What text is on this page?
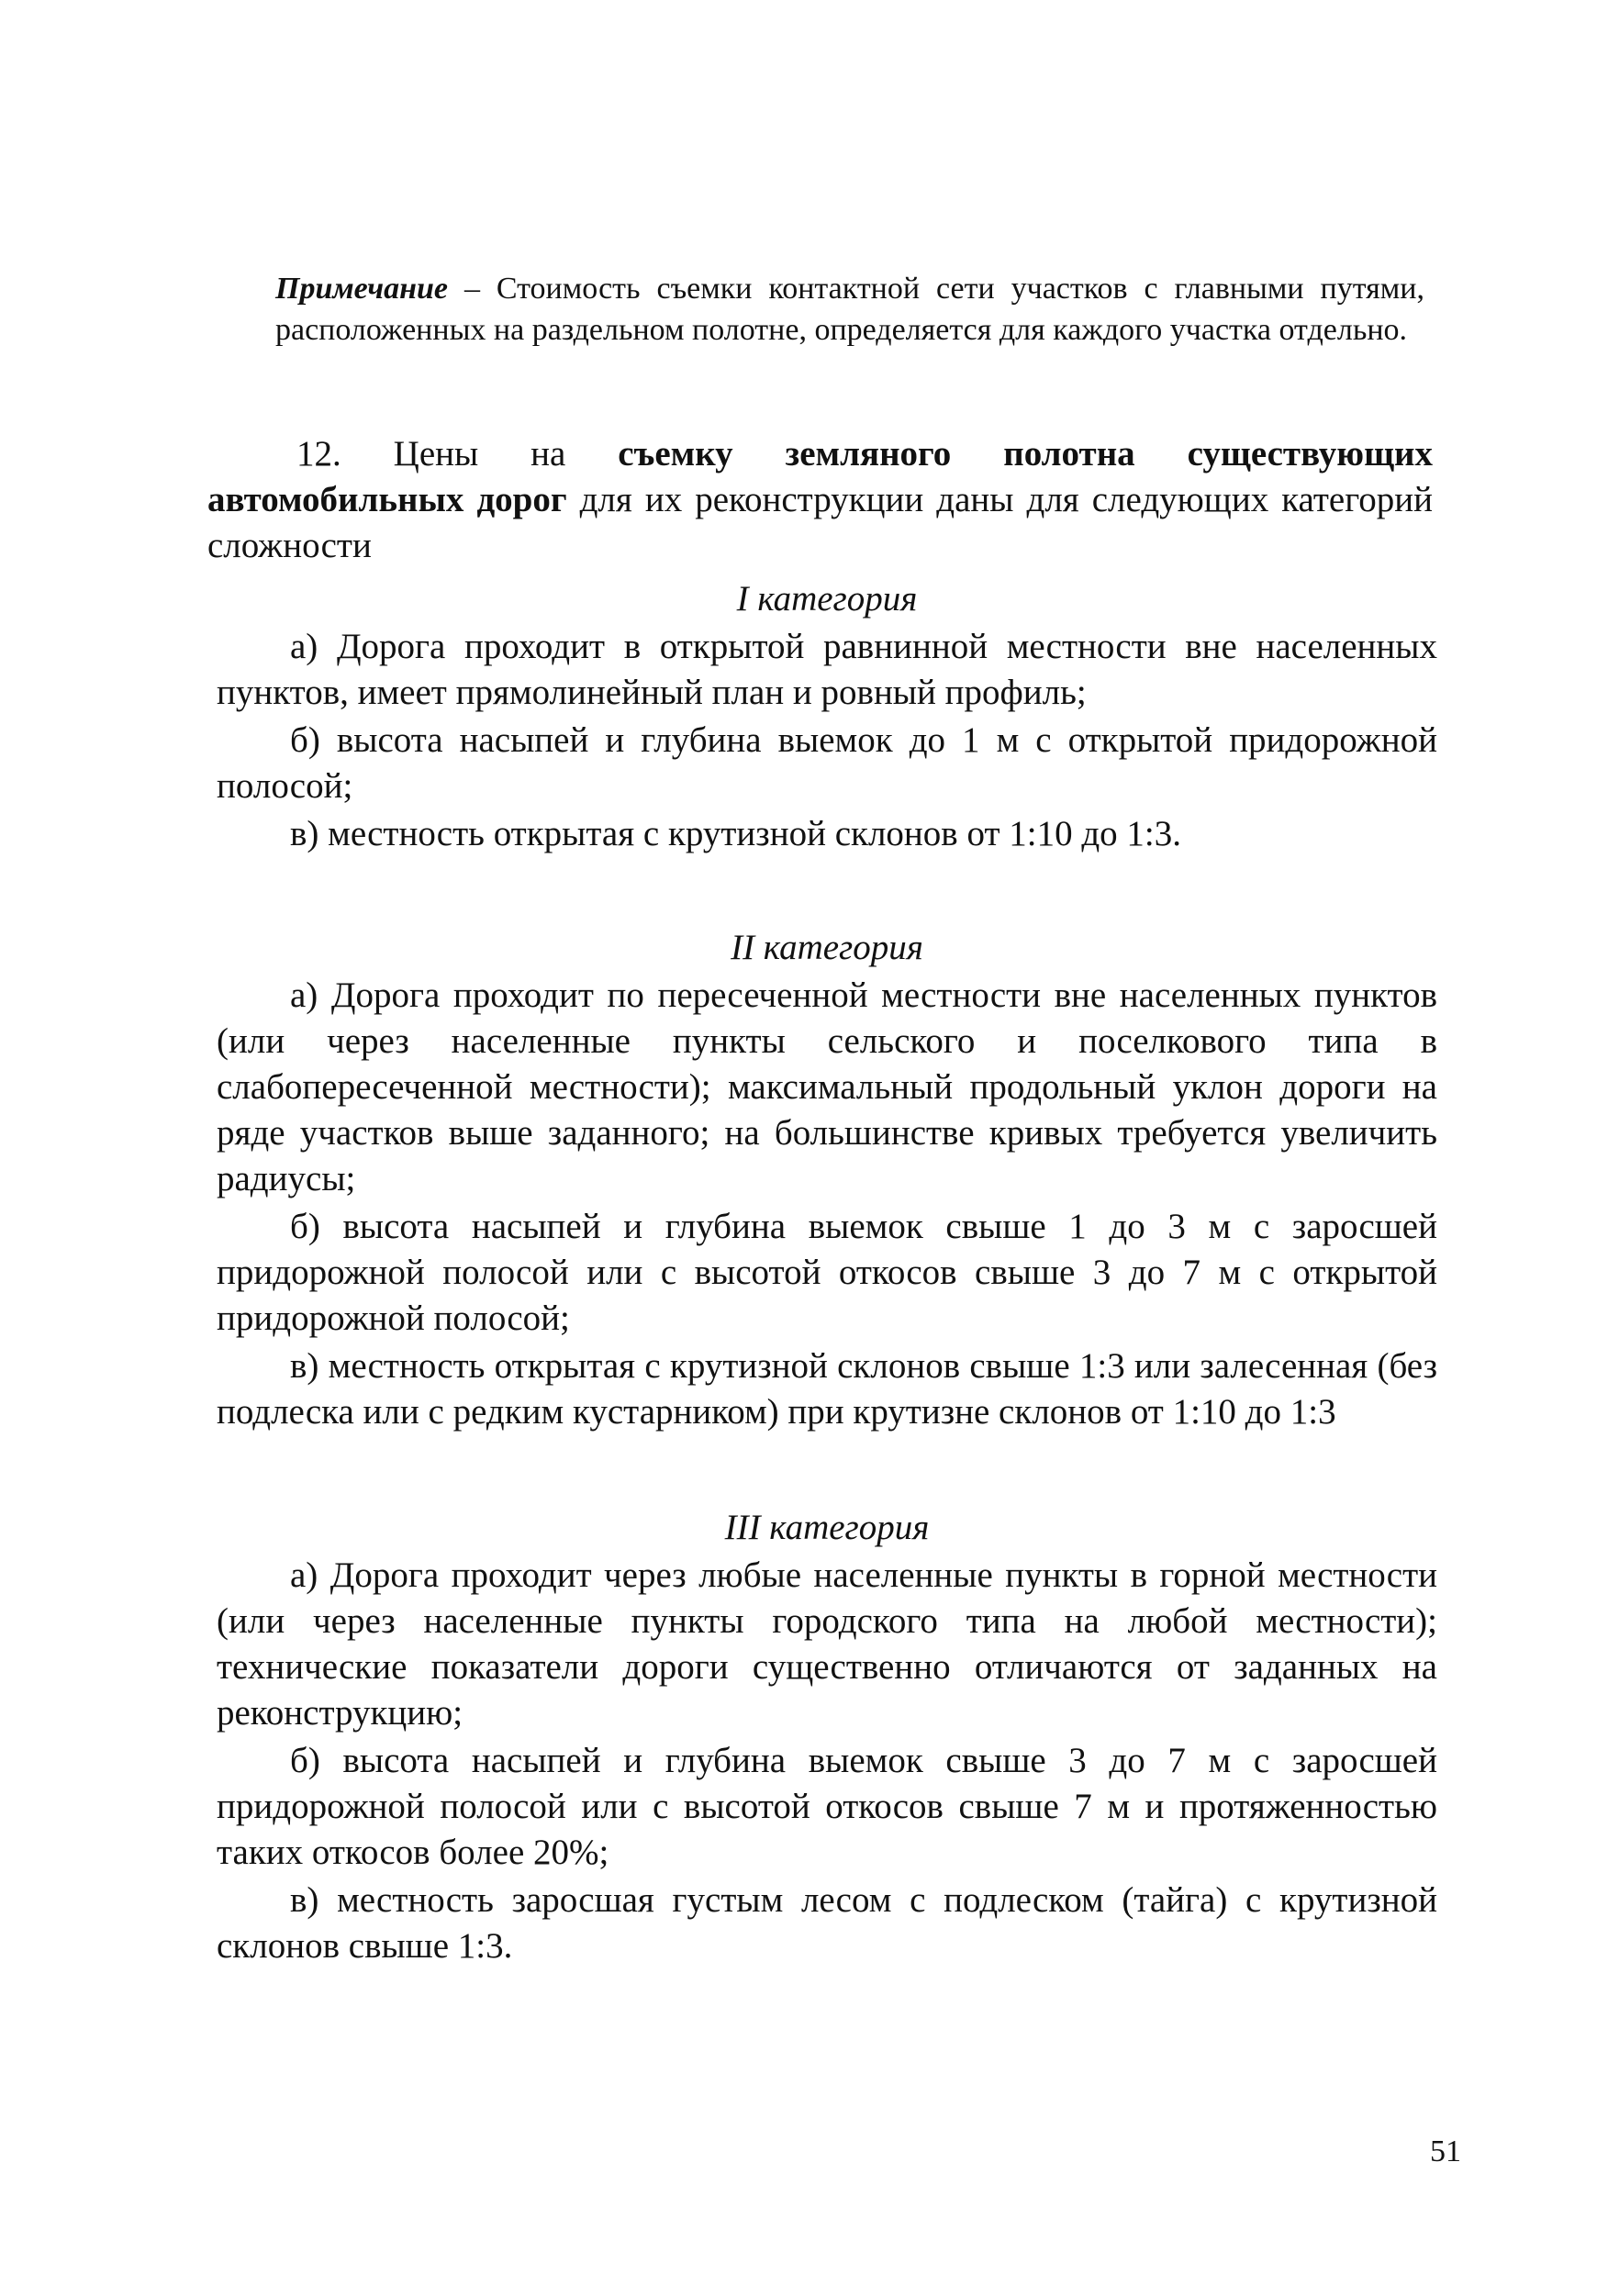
Примечание – Стоимость съемки контактной сети участков с главными путями, расположенных на раздельном полотне, определяется для каждого участка отдельно.

12. Цены на съемку земляного полотна существующих автомобильных дорог для их реконструкции даны для следующих категорий сложности

I категория

а) Дорога проходит в открытой равнинной местности вне населенных пунктов, имеет прямолинейный план и ровный профиль;

б) высота насыпей и глубина выемок до 1 м с открытой придорожной полосой;

в) местность открытая с крутизной склонов от 1:10 до 1:3.

II категория

а) Дорога проходит по пересеченной местности вне населенных пунктов (или через населенные пункты сельского и поселкового типа в слабопересеченной местности); максимальный продольный уклон дороги на ряде участков выше заданного; на большинстве кривых требуется увеличить радиусы;

б) высота насыпей и глубина выемок свыше 1 до 3 м с заросшей придорожной полосой или с высотой откосов свыше 3 до 7 м с открытой придорожной полосой;

в) местность открытая с крутизной склонов свыше 1:3 или залесенная (без подлеска или с редким кустарником) при крутизне склонов от 1:10 до 1:3

III категория

а) Дорога проходит через любые населенные пункты в горной местности (или через населенные пункты городского типа на любой местности); технические показатели дороги существенно отличаются от заданных на реконструкцию;

б) высота насыпей и глубина выемок свыше 3 до 7 м с заросшей придорожной полосой или с высотой откосов свыше 7 м и протяженностью таких откосов более 20%;

в) местность заросшая густым лесом с подлеском (тайга) с крутизной склонов свыше 1:3.

51
